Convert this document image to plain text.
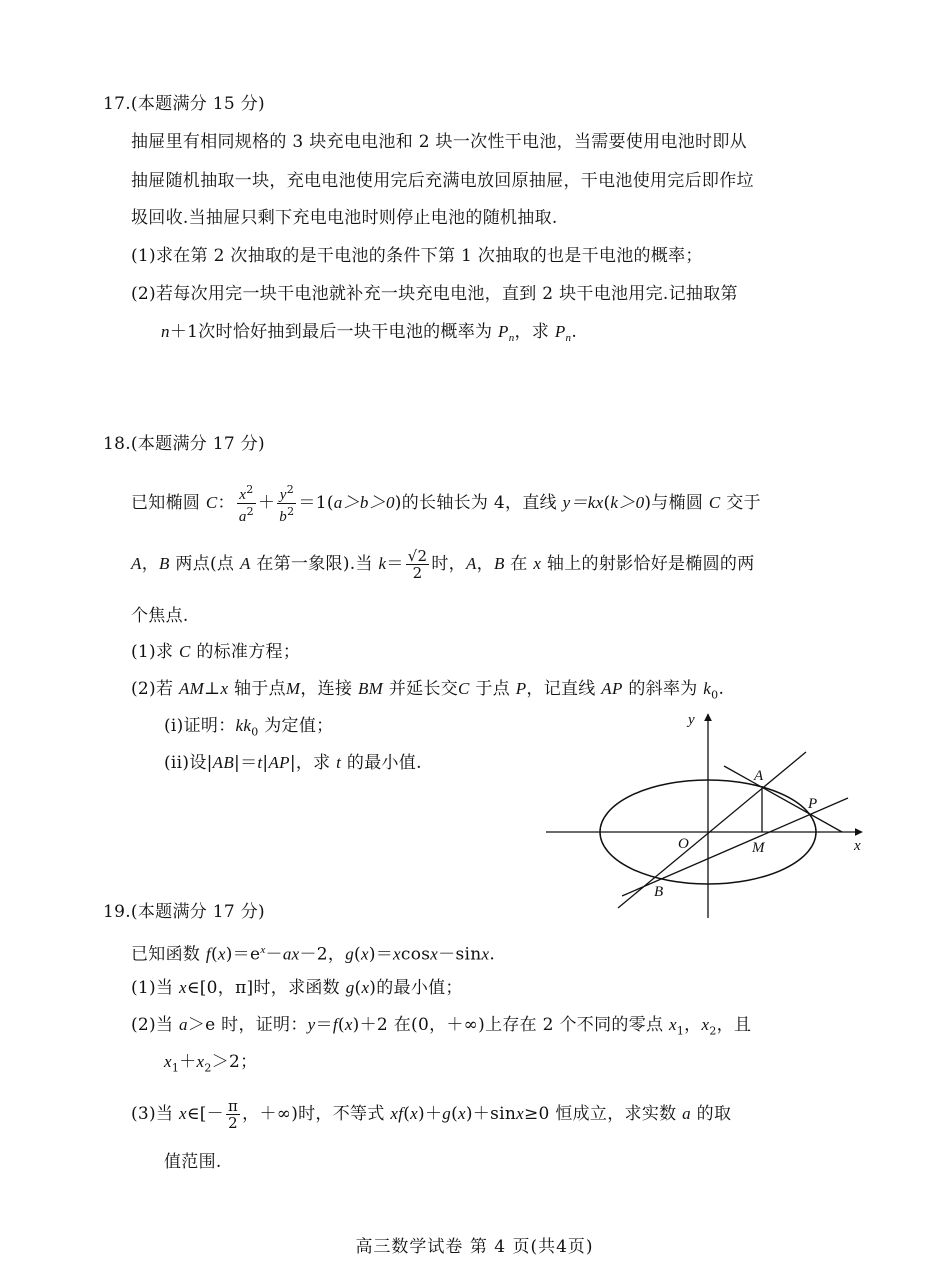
17.(本题满分 15 分)
抽屉里有相同规格的 3 块充电电池和 2 块一次性干电池，当需要使用电池时即从
抽屉随机抽取一块，充电电池使用完后充满电放回原抽屉，干电池使用完后即作垃
圾回收.当抽屉只剩下充电电池时则停止电池的随机抽取.
(1)求在第 2 次抽取的是干电池的条件下第 1 次抽取的也是干电池的概率；
(2)若每次用完一块干电池就补充一块充电电池，直到 2 块干电池用完.记抽取第
n＋1次时恰好抽到最后一块干电池的概率为 $P_n$，求 $P_n$.
18.(本题满分 17 分)
已知椭圆 C： $\frac{x^2}{a^2} + \frac{y^2}{b^2} =1(a>b>0)$的长轴长为 4，直线 y＝kx(k＞0)与椭圆 C 交于
A，B 两点(点 A 在第一象限).当 $k= \frac{√2}{2}$ 时，A，B 在 x 轴上的射影恰好是椭圆的两
个焦点.
(1)求 C 的标准方程；
(2)若 AM⊥x 轴于点M，连接 BM 并延长交C 于点 P，记直线 AP 的斜率为 $k_0$.
(i)证明：$kk_0$ 为定值；
(ii)设|AB|＝t|AP|，求 t 的最小值.
y
x
A
P
O	M
B
19.(本题满分 17 分)
已知函数 $f(x)=e^x-ax-2$，g(x)＝xcosx－sinx.
(1)当 x∈[0，π]时，求函数 g(x)的最小值；
(2)当 a＞e 时，证明：y＝f(x)＋2 在(0，＋∞)上存在 2 个不同的零点 $x_1$，$x_2$，且
$x_1+x_2>2$；
(3)当 x∈[－ $\frac{\pi}{2}$ ，＋∞)时，不等式 xf(x)＋g(x)＋sinx≥0 恒成立，求实数 a 的取
值范围.
高三数学试卷 第 4 页(共4页)
